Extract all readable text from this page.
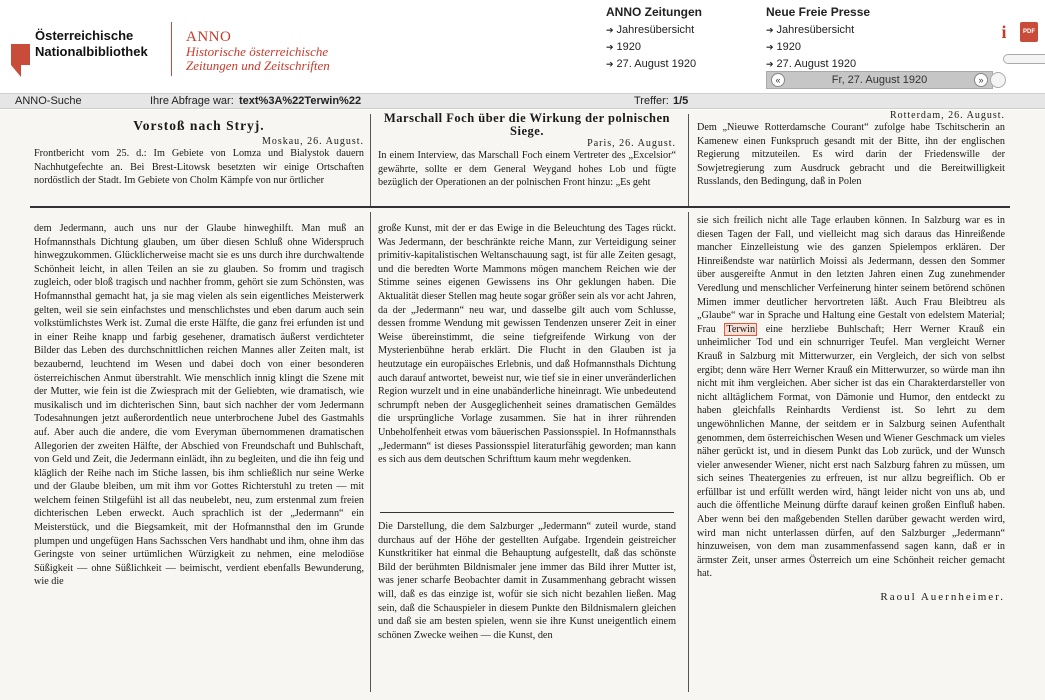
Österreichische
Nationalbibliothek
ANNO
Historische österreichische
Zeitungen und Zeitschriften
ANNO Zeitungen
➔ Jahresübersicht
➔ 1920
➔ 27. August 1920
Neue Freie Presse
➔ Jahresübersicht
➔ 1920
➔ 27. August 1920
«	Fr, 27. August 1920	»
i	PDF
ANNO-Suche	Ihre Abfrage war: text%3A%22Terwin%22	Treffer: 1/5
Vorstoß nach Stryj.
Moskau, 26. August.
Frontbericht vom 25. d.: Im Gebiete von Lomza und Bialystok dauern Nachhutgefechte an. Bei Brest-Litowsk besetzten wir einige Ortschaften nordöstlich der Stadt. Im Gebiete von Cholm Kämpfe von nur örtlicher
Marschall Foch über die Wirkung der polnischen
Siege.
Paris, 26. August.
In einem Interview, das Marschall Foch einem Vertreter des „Excelsior“ gewährte, sollte er dem General Weygand hohes Lob und fügte bezüglich der Operationen an der polnischen Front hinzu: „Es geht
Rotterdam, 26. August.
Dem „Nieuwe Rotterdamsche Courant“ zufolge habe Tschitscherin an Kamenew einen Funkspruch gesandt mit der Bitte, ihn der englischen Regierung mitzuteilen. Es wird darin der Friedenswille der Sowjetregierung zum Ausdruck gebracht und die Bereitwilligkeit Russlands, den Bedingung, daß in Polen
dem Jedermann, auch uns nur der Glaube hinweghilft. Man muß an Hofmannsthals Dichtung glauben, um über diesen Schluß ohne Widerspruch hinwegzukommen. Glücklicherweise macht sie es uns durch ihre durchwaltende Schönheit leicht, in allen Teilen an sie zu glauben. So fromm und tragisch zugleich, oder bloß tragisch und nachher fromm, gehört sie zum Schönsten, was Hofmannsthal gemacht hat, ja sie mag vielen als sein eigentliches Meisterwerk gelten, weil sie sein einfachstes und menschlichstes und eben darum auch sein volkstümlichstes Werk ist. Zumal die erste Hälfte, die ganz frei erfunden ist und in einer Reihe knapp und farbig gesehener, dramatisch äußerst verdichteter Bilder das Leben des durchschnittlichen reichen Mannes aller Zeiten malt, ist bezaubernd, leuchtend im Wesen und dabei doch von einer besonderen österreichischen Anmut überstrahlt. Wie menschlich innig klingt die Szene mit der Mutter, wie fein ist die Zwiesprach mit der Geliebten, wie dramatisch, wie musikalisch und im dichterischen Sinn, baut sich nachher der vom Jedermann Todesahnungen jetzt außerordentlich neue unterbrochene Jubel des Gastmahls auf. Aber auch die andere, die vom Everyman übernommenen dramatischen Allegorien der zweiten Hälfte, der Abschied von Freundschaft und Buhlschaft, von Geld und Zeit, die Jedermann einlädt, ihn zu begleiten, und die ihn feig und kläglich der Reihe nach im Stiche lassen, bis ihm schließlich nur seine Werke und der Glaube bleiben, um mit ihm vor Gottes Richterstuhl zu treten — mit welchem feinen Stilgefühl ist all das neubelebt, neu, zum erstenmal zum freien dichterischen Leben erweckt. Auch sprachlich ist der „Jedermann“ ein Meisterstück, und die Biegsamkeit, mit der Hofmannsthal den im Grunde plumpen und ungefügen Hans Sachsschen Vers handhabt und ihm, ohne ihm das Geringste von seiner urtümlichen Würzigkeit zu nehmen, eine melodiöse Süßigkeit — ohne Süßlichkeit — beimischt, verdient ebenfalls Bewunderung, wie die
große Kunst, mit der er das Ewige in die Beleuchtung des Tages rückt. Was Jedermann, der beschränkte reiche Mann, zur Verteidigung seiner primitiv-kapitalistischen Weltanschauung sagt, ist für alle Zeiten gesagt, und die beredten Worte Mammons mögen manchem Reichen wie der Stimme seines eigenen Gewissens ins Ohr geklungen haben. Die Aktualität dieser Stellen mag heute sogar größer sein als vor acht Jahren, da der „Jedermann“ neu war, und dasselbe gilt auch vom Schlusse, dessen fromme Wendung mit gewissen Tendenzen unserer Zeit in einer Weise übereinstimmt, die seine tiefgreifende Wirkung von der Mysterienbühne herab erklärt. Die Flucht in den Glauben ist ja heutzutage ein europäisches Erlebnis, und daß Hofmannsthals Dichtung auch darauf antwortet, beweist nur, wie tief sie in einer unveränderlichen Region wurzelt und in eine unabänderliche hineinragt. Wie unbedeutend schrumpft neben der Ausgeglichenheit seines dramatischen Gemäldes die ursprüngliche Vorlage zusammen. Sie hat in ihrer rührenden Unbeholfenheit etwas vom bäuerischen Passionsspiel. In Hofmannsthals „Jedermann“ ist dieses Passionsspiel literaturfähig geworden; man kann es sich aus dem deutschen Schrifttum kaum mehr wegdenken.
Die Darstellung, die dem Salzburger „Jedermann“ zuteil wurde, stand durchaus auf der Höhe der gestellten Aufgabe. Irgendein geistreicher Kunstkritiker hat einmal die Behauptung aufgestellt, daß das schönste Bild der berühmten Bildnismaler jene immer das Bild ihrer Mutter ist, was jener scharfe Beobachter damit in Zusammenhang gebracht wissen will, daß es das einzige ist, wofür sie sich nicht bezahlen ließen. Mag sein, daß die Schauspieler in diesem Punkte den Bildnismalern gleichen und daß sie am besten spielen, wenn sie ihre Kunst uneigentlich einem schönen Zwecke weihen — die Kunst, den
sie sich freilich nicht alle Tage erlauben können. In Salzburg war es in diesen Tagen der Fall, und vielleicht mag sich daraus das Hinreißende mancher Einzelleistung wie des ganzen Spielempos erklären. Der Hinreißendste war natürlich Moissi als Jedermann, dessen den Sommer über ausgereifte Anmut in den letzten Jahren einen Zug zunehmender Veredlung und menschlicher Verfeinerung hinter seinem betörend schönen Mimen immer deutlicher hervortreten läßt. Auch Frau Bleibtreu als „Glaube“ war in Sprache und Haltung eine Gestalt von edelstem Material; Frau Terwin eine herzliebe Buhlschaft; Herr Werner Krauß ein unheimlicher Tod und ein schnurriger Teufel. Man vergleicht Werner Krauß in Salzburg mit Mitterwurzer, ein Vergleich, der sich von selbst ergibt; denn wäre Herr Werner Krauß ein Mitterwurzer, so würde man ihn nicht mit ihm vergleichen. Aber sicher ist das ein Charakterdarsteller von nicht alltäglichem Format, von Dämonie und Humor, den entdeckt zu haben gleichfalls Reinhardts Verdienst ist. So lehrt zu dem ungewöhnlichen Manne, der seitdem er in Salzburg seinen Aufenthalt genommen, dem österreichischen Wesen und Wiener Geschmack um vieles näher gerückt ist, und in diesem Punkt das Lob zurück, und der Wunsch vieler anwesender Wiener, nicht erst nach Salzburg fahren zu müssen, um sich seines Theatergenies zu erfreuen, ist nur allzu begreiflich. Ob er erfüllbar ist und erfüllt werden wird, hängt leider nicht von uns ab, und auch die öffentliche Meinung dürfte darauf keinen großen Einfluß haben. Aber wenn bei den maßgebenden Stellen darüber gewacht werden wird, wird man nicht unterlassen dürfen, auf den Salzburger „Jedermann“ hinzuweisen, von dem man zusammenfassend sagen kann, daß er in ärmster Zeit, unser armes Österreich um eine Schönheit reicher gemacht hat.
Raoul Auernheimer.
